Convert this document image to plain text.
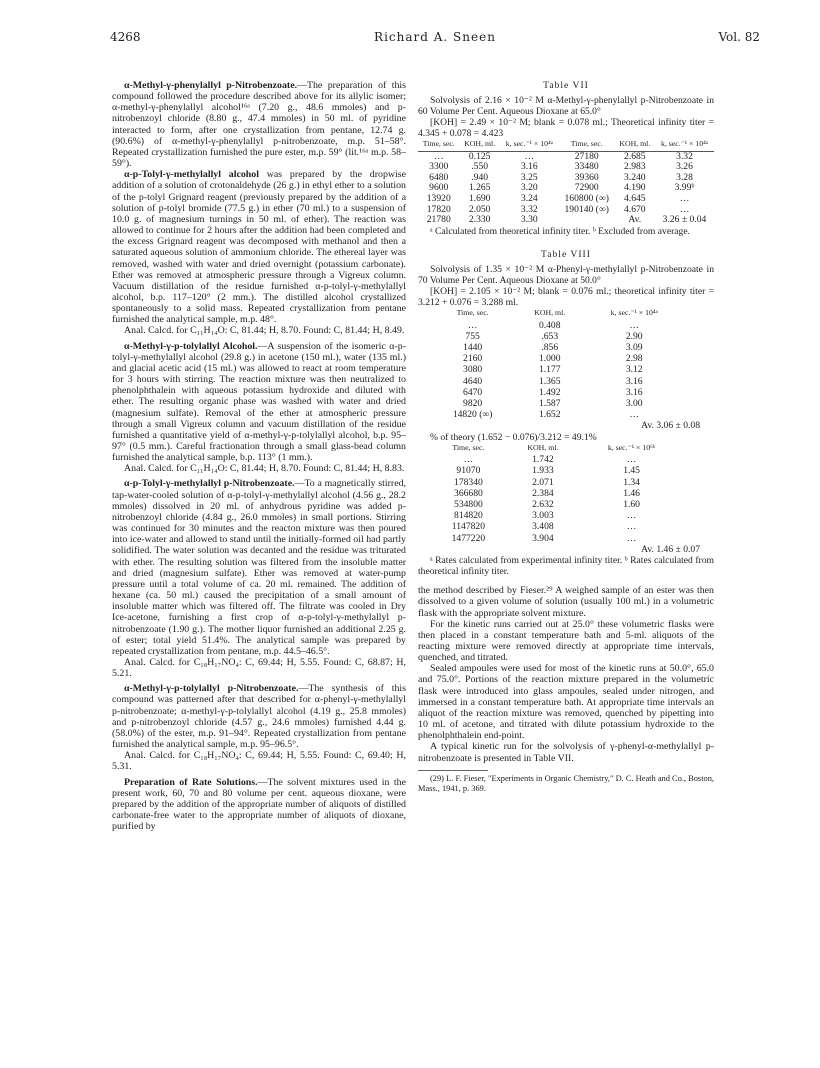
4268	Richard A. Sneen	Vol. 82

α-Methyl-γ-phenylallyl p-Nitrobenzoate.—The preparation of this compound followed the procedure described above for its allylic isomer; α-methyl-γ-phenylallyl alcohol¹⁶ᵃ (7.20 g., 48.6 mmoles) and p-nitrobenzoyl chloride (8.80 g., 47.4 mmoles) in 50 ml. of pyridine interacted to form, after one crystallization from pentane, 12.74 g. (90.6%) of α-methyl-γ-phenylallyl p-nitrobenzoate, m.p. 51–58°. Repeated crystallization furnished the pure ester, m.p. 59° (lit.¹⁶ᵃ m.p. 58–59°).

α-p-Tolyl-γ-methylallyl alcohol was prepared by the dropwise addition of a solution of crotonaldehyde (26 g.) in ethyl ether to a solution of the p-tolyl Grignard reagent (previously prepared by the addition of a solution of p-tolyl bromide (77.5 g.) in ether (70 ml.) to a suspension of 10.0 g. of magnesium turnings in 50 ml. of ether). The reaction was allowed to continue for 2 hours after the addition had been completed and the excess Grignard reagent was decomposed with methanol and then a saturated aqueous solution of ammonium chloride. The ethereal layer was removed, washed with water and dried overnight (potassium carbonate). Ether was removed at atmospheric pressure through a Vigreux column. Vacuum distillation of the residue furnished α-p-tolyl-γ-methylallyl alcohol, b.p. 117–120° (2 mm.). The distilled alcohol crystallized spontaneously to a solid mass. Repeated crystallization from pentane furnished the analytical sample, m.p. 48°.

Anal. Calcd. for C₁₁H₁₄O: C, 81.44; H, 8.70. Found: C, 81.44; H, 8.49.

α-Methyl-γ-p-tolylallyl Alcohol.—A suspension of the isomeric α-p-tolyl-γ-methylallyl alcohol (29.8 g.) in acetone (150 ml.), water (135 ml.) and glacial acetic acid (15 ml.) was allowed to react at room temperature for 3 hours with stirring. The reaction mixture was then neutralized to phenolphthalein with aqueous potassium hydroxide and diluted with ether. The resulting organic phase was washed with water and dried (magnesium sulfate). Removal of the ether at atmospheric pressure through a small Vigreux column and vacuum distillation of the residue furnished a quantitative yield of α-methyl-γ-p-tolylallyl alcohol, b.p. 95–97° (0.5 mm.). Careful fractionation through a small glass-bead column furnished the analytical sample, b.p. 113° (1 mm.).

Anal. Calcd. for C₁₁H₁₄O: C, 81.44; H, 8.70. Found: C, 81.44; H, 8.83.

α-p-Tolyl-γ-methylallyl p-Nitrobenzoate.—To a magnetically stirred, tap-water-cooled solution of α-p-tolyl-γ-methylallyl alcohol (4.56 g., 28.2 mmoles) dissolved in 20 ml. of anhydrous pyridine was added p-nitrobenzoyl chloride (4.84 g., 26.0 mmoles) in small portions. Stirring was continued for 30 minutes and the reacton mixture was then poured into ice-water and allowed to stand until the initially-formed oil had partly solidified. The water solution was decanted and the residue was triturated with ether. The resulting solution was filtered from the insoluble matter and dried (magnesium sulfate). Ether was removed at water-pump pressure until a total volume of ca. 20 ml. remained. The addition of hexane (ca. 50 ml.) caused the precipitation of a small amount of insoluble matter which was filtered off. The filtrate was cooled in Dry Ice-acetone, furnishing a first crop of α-p-tolyl-γ-methylallyl p-nitrobenzoate (1.90 g.). The mother liquor furnished an additional 2.25 g. of ester; total yield 51.4%. The analytical sample was prepared by repeated crystallization from pentane, m.p. 44.5–46.5°.

Anal. Calcd. for C₁₈H₁₇NO₄: C, 69.44; H, 5.55. Found: C, 68.87; H, 5.21.

α-Methyl-γ-p-tolylallyl p-Nitrobenzoate.—The synthesis of this compound was patterned after that described for α-phenyl-γ-methylallyl p-nitrobenzoate; α-methyl-γ-p-tolylallyl alcohol (4.19 g., 25.8 mmoles) and p-nitrobenzoyl chloride (4.57 g., 24.6 mmoles) furnished 4.44 g. (58.0%) of the ester, m.p. 91–94°. Repeated crystallization from pentane furnished the analytical sample, m.p. 95–96.5°.

Anal. Calcd. for C₁₈H₁₇NO₄: C, 69.44; H, 5.55. Found: C, 69.40; H, 5.31.

Preparation of Rate Solutions.—The solvent mixtures used in the present work, 60, 70 and 80 volume per cent. aqueous dioxane, were prepared by the addition of the appropriate number of aliquots of distilled carbonate-free water to the appropriate number of aliquots of dioxane, purified by

Table VII

Solvolysis of 2.16 × 10⁻² M α-Methyl-γ-phenylallyl p-Nitrobenzoate in 60 Volume Per Cent. Aqueous Dioxane at 65.0°

[KOH] = 2.49 × 10⁻² M; blank = 0.078 ml.; Theoretical infinity titer = 4.345 + 0.078 = 4.423

Time, sec.	KOH, ml.	k, sec.⁻¹ × 10⁴ᵃ	Time, sec.	KOH, ml.	k, sec.⁻¹ × 10⁴ᵃ
…	0.125	…	27180	2.685	3.32
3300	.550	3.16	33480	2.983	3.26
6480	.940	3.25	39360	3.240	3.28
9600	1.265	3.20	72900	4.190	3.99ᵇ
13920	1.690	3.24	160800 (∞)	4.645	…
17820	2.050	3.32	190140 (∞)	4.670	…
21780	2.330	3.30		Av.	3.26 ± 0.04

ᵃ Calculated from theoretical infinity titer. ᵇ Excluded from average.

Table VIII

Solvolysis of 1.35 × 10⁻² M α-Phenyl-γ-methylallyl p-Nitrobenzoate in 70 Volume Per Cent. Aqueous Dioxane at 50.0°

[KOH] = 2.105 × 10⁻² M; blank = 0.076 ml.; theoretical infinity titer = 3.212 + 0.076 = 3.288 ml.

Time, sec.	KOH, ml.	k, sec.⁻¹ × 10⁴ᵃ
…	0.408	…
755	.653	2.90
1440	.856	3.09
2160	1.000	2.98
3080	1.177	3.12
4640	1.365	3.16
6470	1.492	3.16
9820	1.587	3.00
14820 (∞)	1.652	…

Av. 3.06 ± 0.08

% of theory (1.652 − 0.076)/3.212 = 49.1%

Time, sec.	KOH, ml.	k, sec.⁻¹ × 10⁶ᵇ
…	1.742	…
91070	1.933	1.45
178340	2.071	1.34
366680	2.384	1.46
534800	2.632	1.60
814820	3.003	…
1147820	3.408	…
1477220	3.904	…

Av. 1.46 ± 0.07

ᵃ Rates calculated from experimental infinity titer. ᵇ Rates calculated from theoretical infinity titer.

the method described by Fieser.²⁹ A weighed sample of an ester was then dissolved to a given volume of solution (usually 100 ml.) in a volumetric flask with the appropriate solvent mixture.

For the kinetic runs carried out at 25.0° these volumetric flasks were then placed in a constant temperature bath and 5-ml. aliquots of the reacting mixture were removed directly at appropriate time intervals, quenched, and titrated.

Sealed ampoules were used for most of the kinetic runs at 50.0°, 65.0 and 75.0°. Portions of the reaction mixture prepared in the volumetric flask were introduced into glass ampoules, sealed under nitrogen, and immersed in a constant temperature bath. At appropriate time intervals an aliquot of the reaction mixture was removed, quenched by pipetting into 10 ml. of acetone, and titrated with dilute potassium hydroxide to the phenolphthalein end-point.

A typical kinetic run for the solvolysis of γ-phenyl-α-methylallyl p-nitrobenzoate is presented in Table VII.

(29) L. F. Fieser, "Experiments in Organic Chemistry," D. C. Heath and Co., Boston, Mass., 1941, p. 369.
